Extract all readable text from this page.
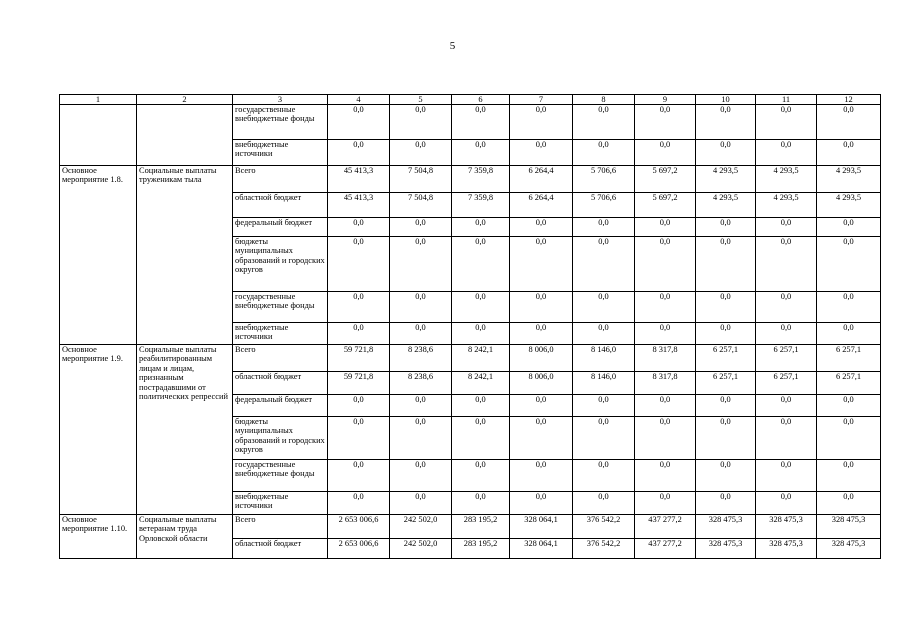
5
1	2	3	4	5	6	7	8	9	10	11	12
		государственные внебюджетные фонды	0,0	0,0	0,0	0,0	0,0	0,0	0,0	0,0	0,0
		внебюджетные источники	0,0	0,0	0,0	0,0	0,0	0,0	0,0	0,0	0,0
Основное мероприятие 1.8.	Социальные выплаты труженикам тыла	Всего	45 413,3	7 504,8	7 359,8	6 264,4	5 706,6	5 697,2	4 293,5	4 293,5	4 293,5
		областной бюджет	45 413,3	7 504,8	7 359,8	6 264,4	5 706,6	5 697,2	4 293,5	4 293,5	4 293,5
		федеральный бюджет	0,0	0,0	0,0	0,0	0,0	0,0	0,0	0,0	0,0
		бюджеты муниципальных образований и городских округов	0,0	0,0	0,0	0,0	0,0	0,0	0,0	0,0	0,0
		государственные внебюджетные фонды	0,0	0,0	0,0	0,0	0,0	0,0	0,0	0,0	0,0
		внебюджетные источники	0,0	0,0	0,0	0,0	0,0	0,0	0,0	0,0	0,0
Основное мероприятие 1.9.	Социальные выплаты реабилитированным лицам и лицам, признанным пострадавшими от политических репрессий	Всего	59 721,8	8 238,6	8 242,1	8 006,0	8 146,0	8 317,8	6 257,1	6 257,1	6 257,1
		областной бюджет	59 721,8	8 238,6	8 242,1	8 006,0	8 146,0	8 317,8	6 257,1	6 257,1	6 257,1
		федеральный бюджет	0,0	0,0	0,0	0,0	0,0	0,0	0,0	0,0	0,0
		бюджеты муниципальных образований и городских округов	0,0	0,0	0,0	0,0	0,0	0,0	0,0	0,0	0,0
		государственные внебюджетные фонды	0,0	0,0	0,0	0,0	0,0	0,0	0,0	0,0	0,0
		внебюджетные источники	0,0	0,0	0,0	0,0	0,0	0,0	0,0	0,0	0,0
Основное мероприятие 1.10.	Социальные выплаты ветеранам труда Орловской области	Всего	2 653 006,6	242 502,0	283 195,2	328 064,1	376 542,2	437 277,2	328 475,3	328 475,3	328 475,3
		областной бюджет	2 653 006,6	242 502,0	283 195,2	328 064,1	376 542,2	437 277,2	328 475,3	328 475,3	328 475,3
